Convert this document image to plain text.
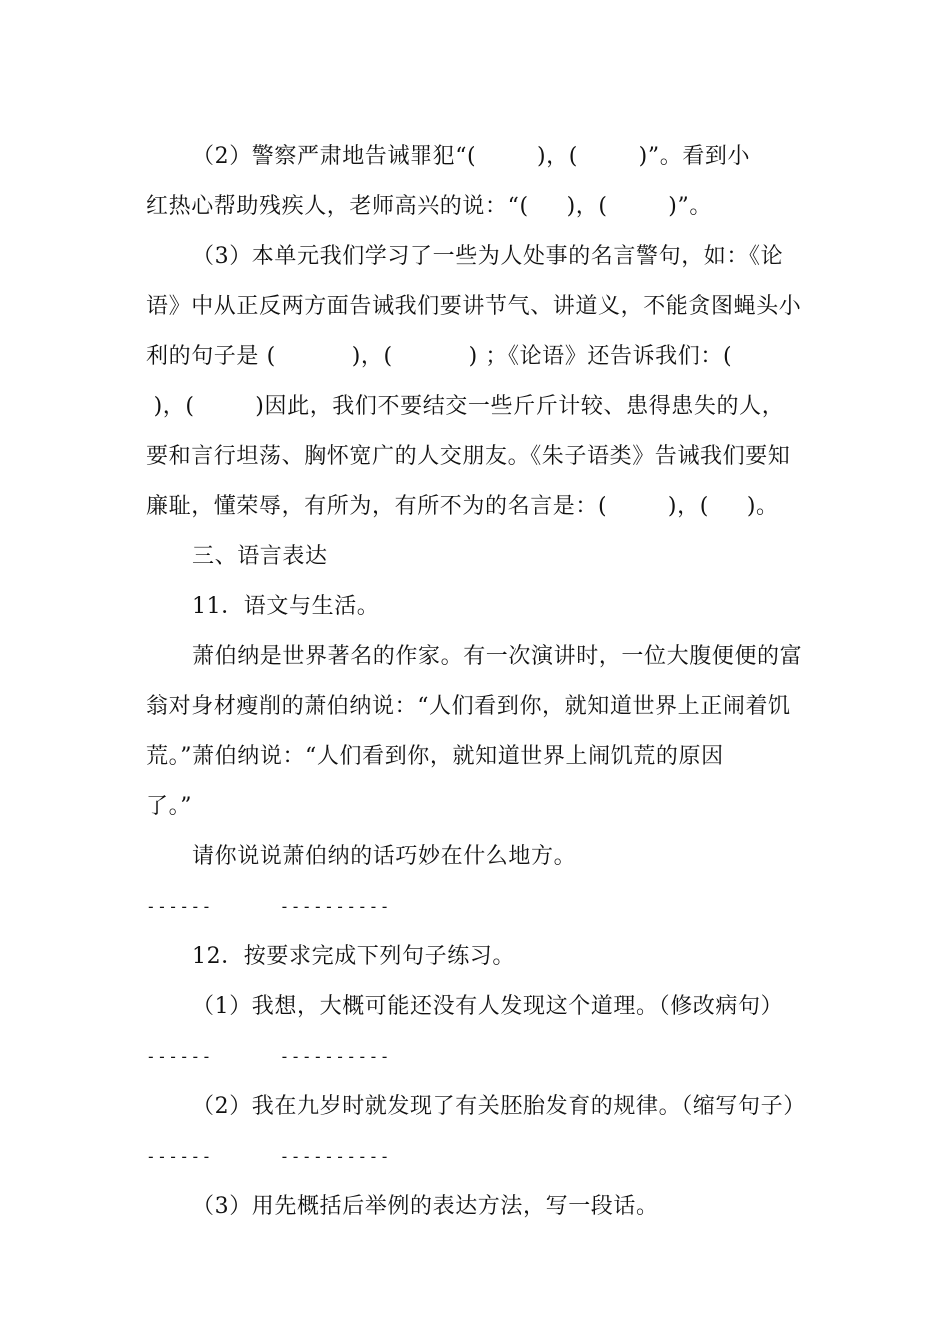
（2）警察严肃地告诫罪犯“(        )，(        )”。看到小
红热心帮助残疾人，老师高兴的说：“(     )，(        )”。
（3）本单元我们学习了一些为人处事的名言警句，如：《论
语》中从正反两方面告诫我们要讲节气、讲道义，不能贪图蝇头小
利的句子是 (          )，(          ) ；《论语》还告诉我们：(
)，(        )因此，我们不要结交一些斤斤计较、患得患失的人，
要和言行坦荡、胸怀宽广的人交朋友。《朱子语类》告诫我们要知
廉耻，懂荣辱，有所为，有所不为的名言是：(        )，(     )。
三、语言表达
11．语文与生活。
萧伯纳是世界著名的作家。有一次演讲时，一位大腹便便的富
翁对身材瘦削的萧伯纳说：“人们看到你，就知道世界上正闹着饥
荒。”萧伯纳说：“人们看到你，就知道世界上闹饥荒的原因
了。”
请你说说萧伯纳的话巧妙在什么地方。
------      ----------
12．按要求完成下列句子练习。
（1）我想，大概可能还没有人发现这个道理。（修改病句）
------      ----------
（2）我在九岁时就发现了有关胚胎发育的规律。（缩写句子）
------      ----------
（3）用先概括后举例的表达方法，写一段话。
